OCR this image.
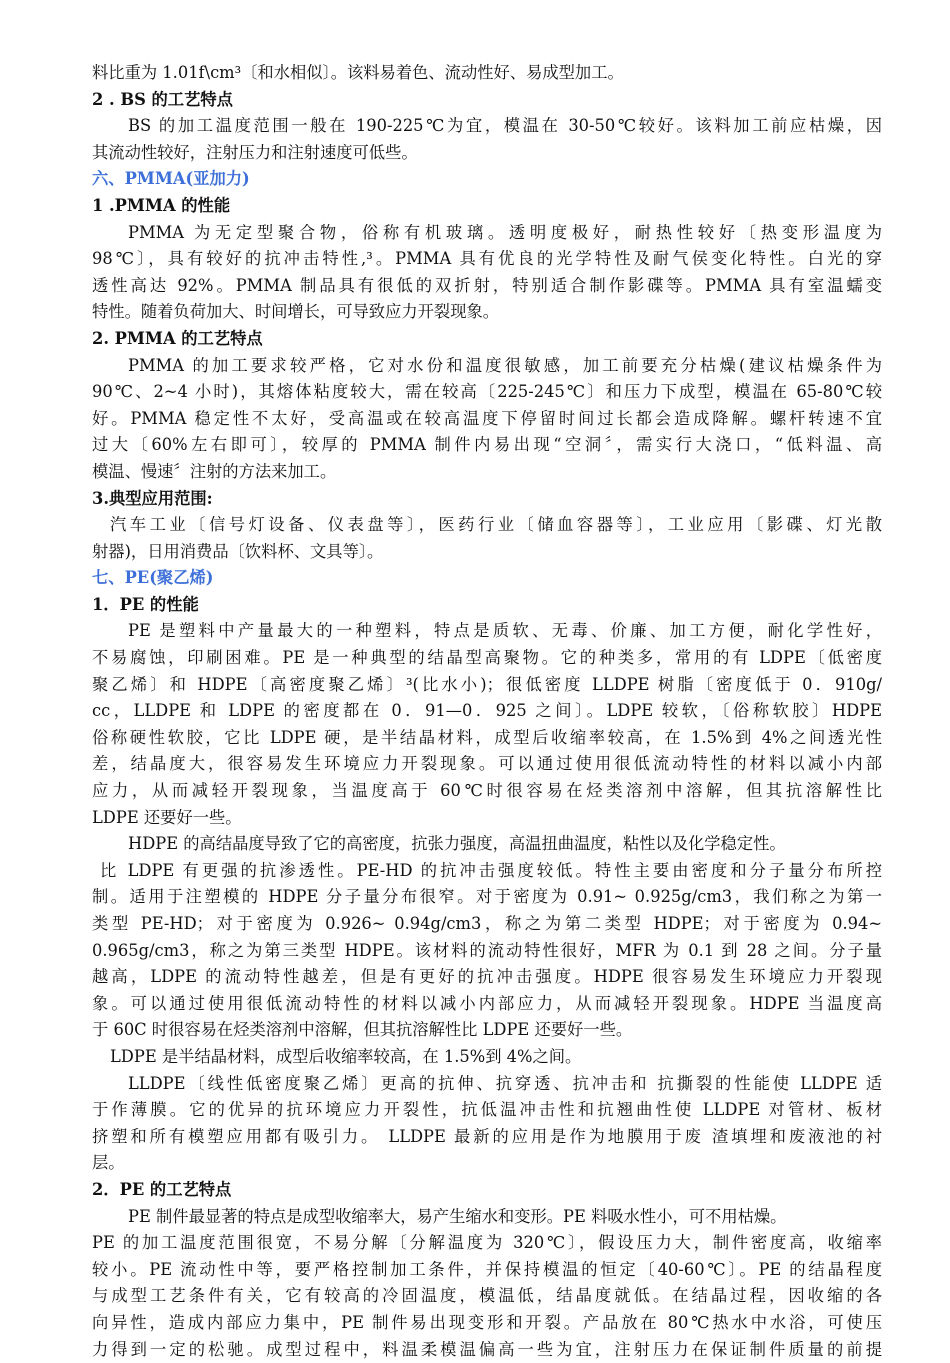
料比重为 1.01f\cm³〔和水相似〕。该料易着色、流动性好、易成型加工。
2 . BS 的工艺特点
BS 的加工温度范围一般在 190-225℃为宜，模温在 30-50℃较好。该料加工前应枯燥，因
其流动性较好，注射压力和注射速度可低些。
六、PMMA(亚加力)
1 .PMMA 的性能
PMMA 为无定型聚合物，俗称有机玻璃。透明度极好，耐热性较好〔热变形温度为
98℃〕，具有较好的抗冲击特性,³。PMMA 具有优良的光学特性及耐气侯变化特性。白光的穿
透性高达 92%。PMMA 制品具有很低的双折射，特别适合制作影碟等。PMMA 具有室温蠕变
特性。随着负荷加大、时间增长，可导致应力开裂现象。
2. PMMA 的工艺特点
PMMA 的加工要求较严格，它对水份和温度很敏感，加工前要充分枯燥(建议枯燥条件为
90℃、2~4 小时)，其熔体粘度较大，需在较高〔225-245℃〕和压力下成型，模温在 65-80℃较
好。PMMA 稳定性不太好，受高温或在较高温度下停留时间过长都会造成降解。螺杆转速不宜
过大〔60%左右即可〕，较厚的 PMMA 制件内易出现“空洞〞，需实行大浇口，“低料温、高
模温、慢速〞注射的方法来加工。
3.典型应用范围:
汽车工业〔信号灯设备、仪表盘等〕，医药行业〔储血容器等〕，工业应用〔影碟、灯光散
射器)，日用消费品〔饮料杯、文具等〕。
七、PE(聚乙烯)
1．PE 的性能
PE 是塑料中产量最大的一种塑料，特点是质软、无毒、价廉、加工方便，耐化学性好，
不易腐蚀，印刷困难。PE 是一种典型的结晶型高聚物。它的种类多，常用的有 LDPE〔低密度
聚乙烯〕和 HDPE〔高密度聚乙烯〕³(比水小)；很低密度 LLDPE 树脂〔密度低于 0．910g/
cc，LLDPE 和 LDPE 的密度都在 0．91—0．925 之间〕。LDPE 较软，〔俗称软胶〕HDPE
俗称硬性软胶，它比 LDPE 硬，是半结晶材料，成型后收缩率较高，在 1.5%到 4%之间透光性
差，结晶度大，很容易发生环境应力开裂现象。可以通过使用很低流动特性的材料以减小内部
应力，从而减轻开裂现象，当温度高于 60℃时很容易在烃类溶剂中溶解，但其抗溶解性比
LDPE 还要好一些。
HDPE 的高结晶度导致了它的高密度，抗张力强度，高温扭曲温度，粘性以及化学稳定性。
比 LDPE 有更强的抗渗透性。PE-HD 的抗冲击强度较低。特性主要由密度和分子量分布所控
制。适用于注塑模的 HDPE 分子量分布很窄。对于密度为 0.91~ 0.925g/cm3，我们称之为第一
类型 PE-HD；对于密度为 0.926~ 0.94g/cm3，称之为第二类型 HDPE；对于密度为 0.94~
0.965g/cm3，称之为第三类型 HDPE。该材料的流动特性很好，MFR 为 0.1 到 28 之间。分子量
越高，LDPE 的流动特性越差，但是有更好的抗冲击强度。HDPE 很容易发生环境应力开裂现
象。可以通过使用很低流动特性的材料以减小内部应力，从而减轻开裂现象。HDPE 当温度高
于 60C 时很容易在烃类溶剂中溶解，但其抗溶解性比 LDPE 还要好一些。
LDPE 是半结晶材料，成型后收缩率较高，在 1.5%到 4%之间。
LLDPE〔线性低密度聚乙烯〕更高的抗伸、抗穿透、抗冲击和 抗撕裂的性能使 LLDPE 适
于作薄膜。它的优异的抗环境应力开裂性，抗低温冲击性和抗翘曲性使 LLDPE 对管材、板材
挤塑和所有模塑应用都有吸引力。 LLDPE 最新的应用是作为地膜用于废 渣填埋和废液池的衬
层。
2．PE 的工艺特点
PE 制件最显著的特点是成型收缩率大，易产生缩水和变形。PE 料吸水性小，可不用枯燥。
PE 的加工温度范围很宽，不易分解〔分解温度为 320℃〕，假设压力大，制件密度高，收缩率
较小。PE 流动性中等，要严格控制加工条件，并保持模温的恒定〔40-60℃〕。PE 的结晶程度
与成型工艺条件有关，它有较高的冷固温度，模温低，结晶度就低。在结晶过程，因收缩的各
向异性，造成内部应力集中，PE 制件易出现变形和开裂。产品放在 80℃热水中水浴，可使压
力得到一定的松驰。成型过程中，料温柔模温偏高一些为宜，注射压力在保证制件质量的前提
